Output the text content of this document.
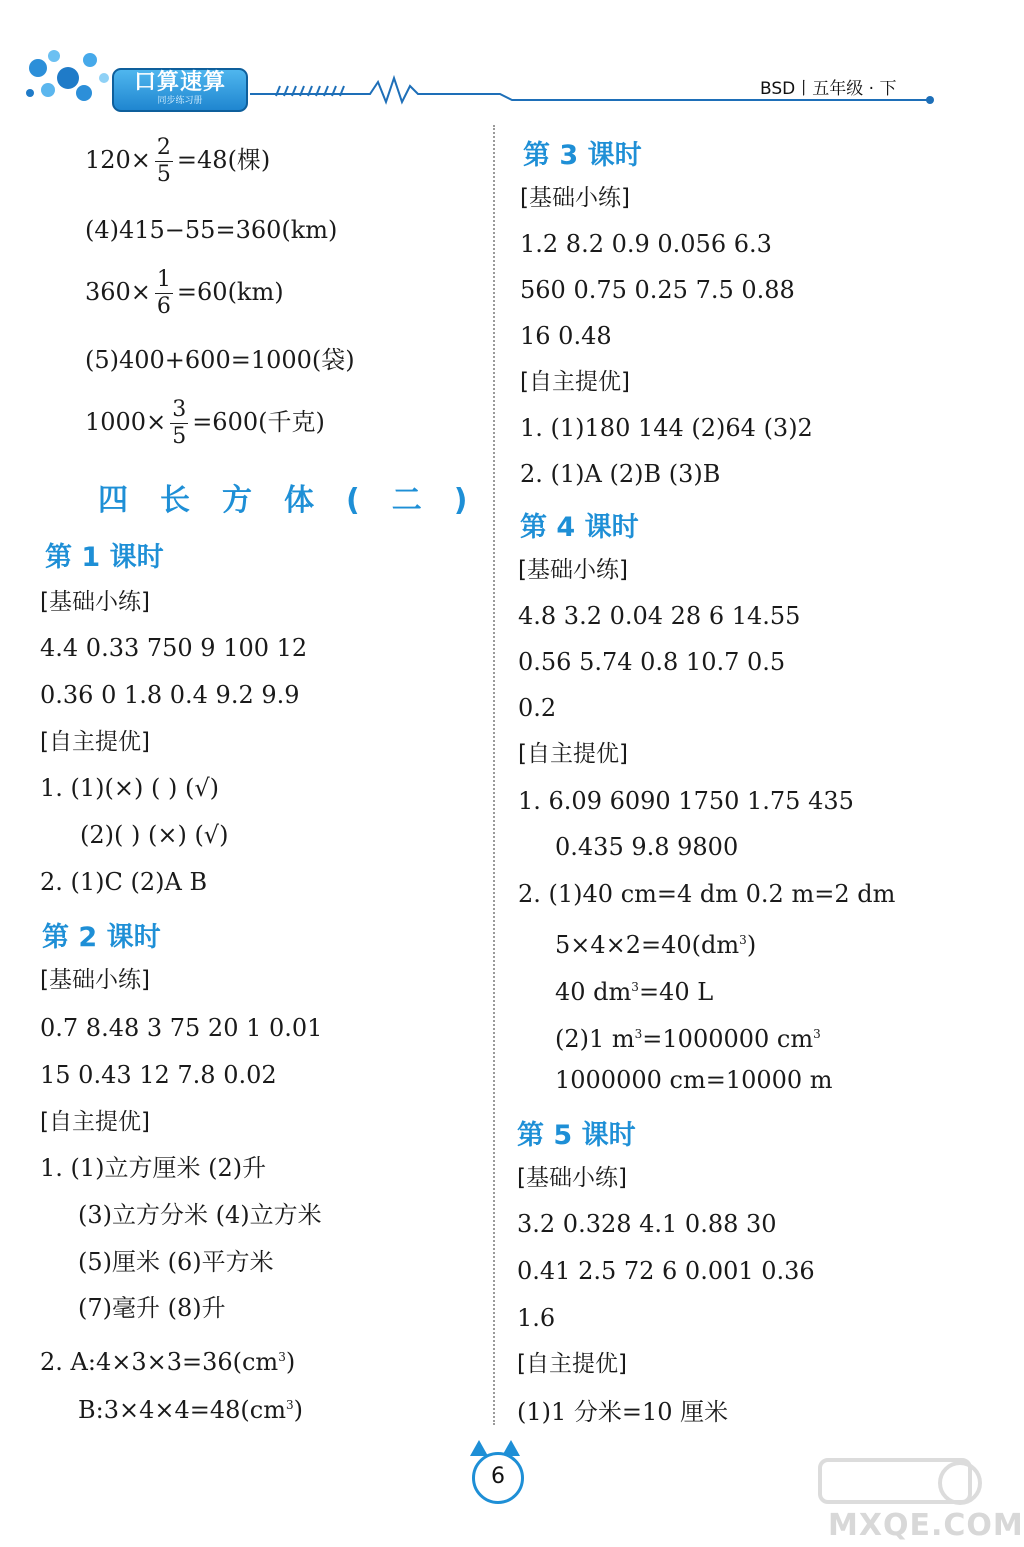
口算速算
同步练习册
BSD丨五年级 · 下
$120\times \frac{2}{5} =48$(棵)
(4)415−55=360(km)
$360\times \frac{1}{6} =60(km)$
(5)400+600=1000(袋)
$1000\times \frac{3}{5} =600$(千克)
四长方体(二)
第 1 课时
[基础小练]
4.4 0.33 750 9 100 12
0.36 0 1.8 0.4 9.2 9.9
[自主提优]
1. (1)(×) ( ) (√)
(2)( ) (×) (√)
2. (1)C (2)A B
第 2 课时
[基础小练]
0.7 8.48 3 75 20 1 0.01
15 0.43 12 7.8 0.02
[自主提优]
1. (1)立方厘米 (2)升
(3)立方分米 (4)立方米
(5)厘米 (6)平方米
(7)毫升 (8)升
2. $A:4\times 3\times 3=36(cm^3)$
$B:3\times 4\times 4=48(cm^3)$
第 3 课时
[基础小练]
1.2 8.2 0.9 0.056 6.3
560 0.75 0.25 7.5 0.88
16 0.48
[自主提优]
1. (1)180 144 (2)64 (3)2
2. (1)A (2)B (3)B
第 4 课时
[基础小练]
4.8 3.2 0.04 28 6 14.55
0.56 5.74 0.8 10.7 0.5
0.2
[自主提优]
1. 6.09 6090 1750 1.75 435
0.435 9.8 9800
2. (1)40 cm=4 dm 0.2 m=2 dm
$5\times 4\times 2=40(dm^3)$
40 $dm^3=40$ L
(2)1 $m^3=1000000$ $cm^3$
1000000 cm=10000 m
第 5 课时
[基础小练]
3.2 0.328 4.1 0.88 30
0.41 2.5 72 6 0.001 0.36
1.6
[自主提优]
(1)1 分米=10 厘米
6
MXQE.COM
